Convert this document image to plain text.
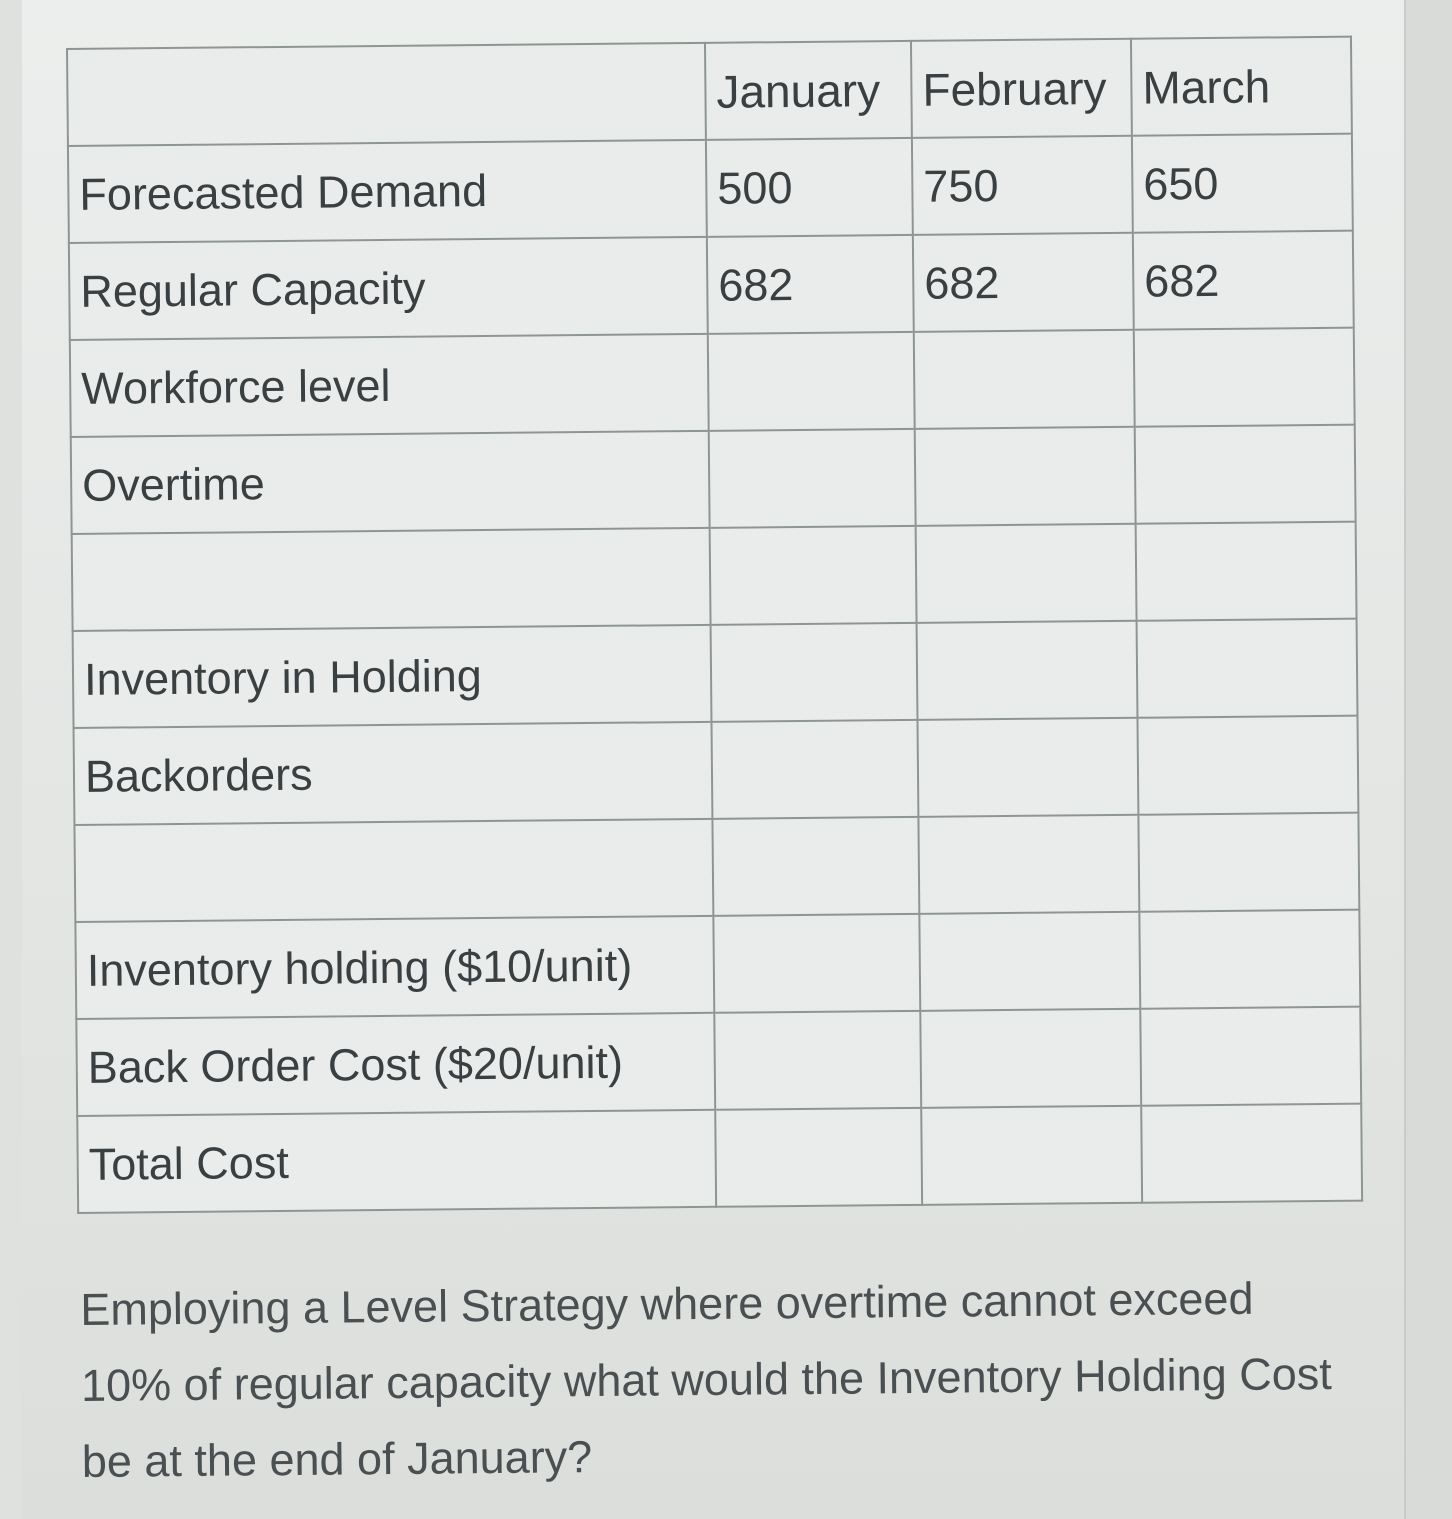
	January	February	March
Forecasted Demand	500	750	650
Regular Capacity	682	682	682
Workforce level			
Overtime			

Inventory in Holding			
Backorders			

Inventory holding ($10/unit)			
Back Order Cost ($20/unit)			
Total Cost			
Employing a Level Strategy where overtime cannot exceed 10% of regular capacity what would the Inventory Holding Cost be at the end of January?
